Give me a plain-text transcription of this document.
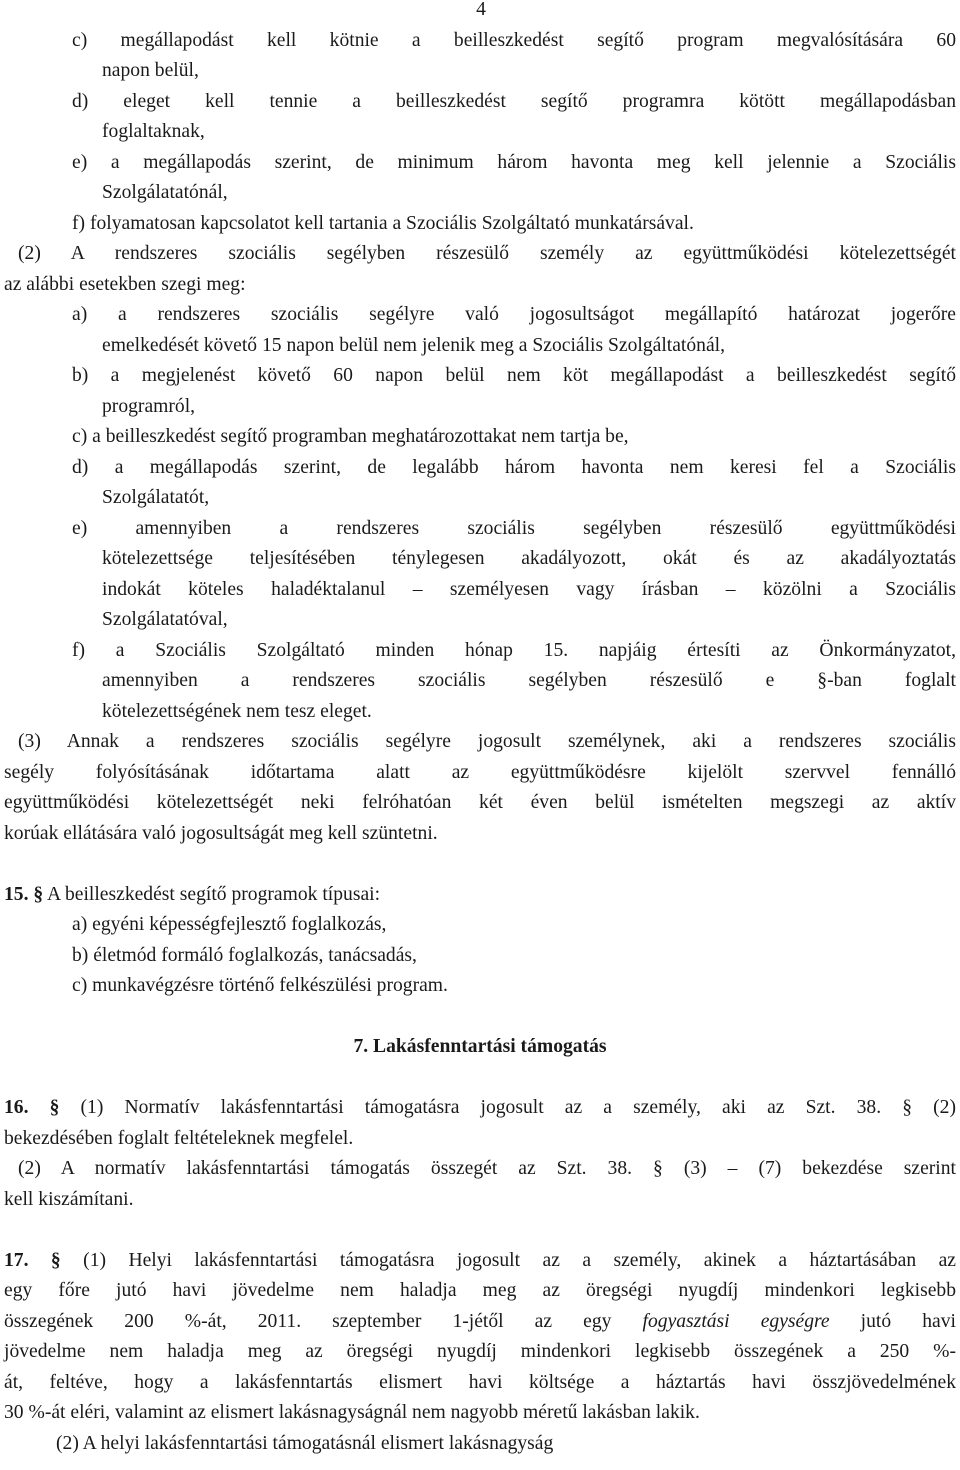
4
c) megállapodást kell kötnie a beilleszkedést segítő program megvalósítására 60
napon belül,
d) eleget kell tennie a beilleszkedést segítő programra kötött megállapodásban
foglaltaknak,
e) a megállapodás szerint, de minimum három havonta meg kell jelennie a Szociális
Szolgálatatónál,
f) folyamatosan kapcsolatot kell tartania a Szociális Szolgáltató munkatársával.
(2) A rendszeres szociális segélyben részesülő személy az együttműködési kötelezettségét
az alábbi esetekben szegi meg:
a) a rendszeres szociális segélyre való jogosultságot megállapító határozat jogerőre
emelkedését követő 15 napon belül nem jelenik meg a Szociális Szolgáltatónál,
b) a megjelenést követő 60 napon belül nem köt megállapodást a beilleszkedést segítő
programról,
c) a beilleszkedést segítő programban meghatározottakat nem tartja be,
d) a megállapodás szerint, de legalább három havonta nem keresi fel a Szociális
Szolgálatatót,
e) amennyiben a rendszeres szociális segélyben részesülő együttműködési
kötelezettsége teljesítésében ténylegesen akadályozott, okát és az akadályoztatás
indokát köteles haladéktalanul – személyesen vagy írásban – közölni a Szociális
Szolgálatatóval,
f) a Szociális Szolgáltató minden hónap 15. napjáig értesíti az Önkormányzatot,
amennyiben a rendszeres szociális segélyben részesülő e §-ban foglalt
kötelezettségének nem tesz eleget.
(3) Annak a rendszeres szociális segélyre jogosult személynek, aki a rendszeres szociális
segély folyósításának időtartama alatt az együttműködésre kijelölt szervvel fennálló
együttműködési kötelezettségét neki felróhatóan két éven belül ismételten megszegi az aktív
korúak ellátására való jogosultságát meg kell szüntetni.
15. § A beilleszkedést segítő programok típusai:
a) egyéni képességfejlesztő foglalkozás,
b) életmód formáló foglalkozás, tanácsadás,
c) munkavégzésre történő felkészülési program.
16. § (1) Normatív lakásfenntartási támogatásra jogosult az a személy, aki az Szt. 38. § (2)
bekezdésében foglalt feltételeknek megfelel.
(2) A normatív lakásfenntartási támogatás összegét az Szt. 38. § (3) – (7) bekezdése szerint
kell kiszámítani.
17. § (1) Helyi lakásfenntartási támogatásra jogosult az a személy, akinek a háztartásában az
egy főre jutó havi jövedelme nem haladja meg az öregségi nyugdíj mindenkori legkisebb
összegének 200 %-át, 2011. szeptember 1-jétől az egy fogyasztási egységre jutó havi
jövedelme nem haladja meg az öregségi nyugdíj mindenkori legkisebb összegének a 250 %-
át, feltéve, hogy a lakásfenntartás elismert havi költsége a háztartás havi összjövedelmének
30 %-át eléri, valamint az elismert lakásnagyságnál nem nagyobb méretű lakásban lakik.
(2) A helyi lakásfenntartási támogatásnál elismert lakásnagyság
7. Lakásfenntartási támogatás
